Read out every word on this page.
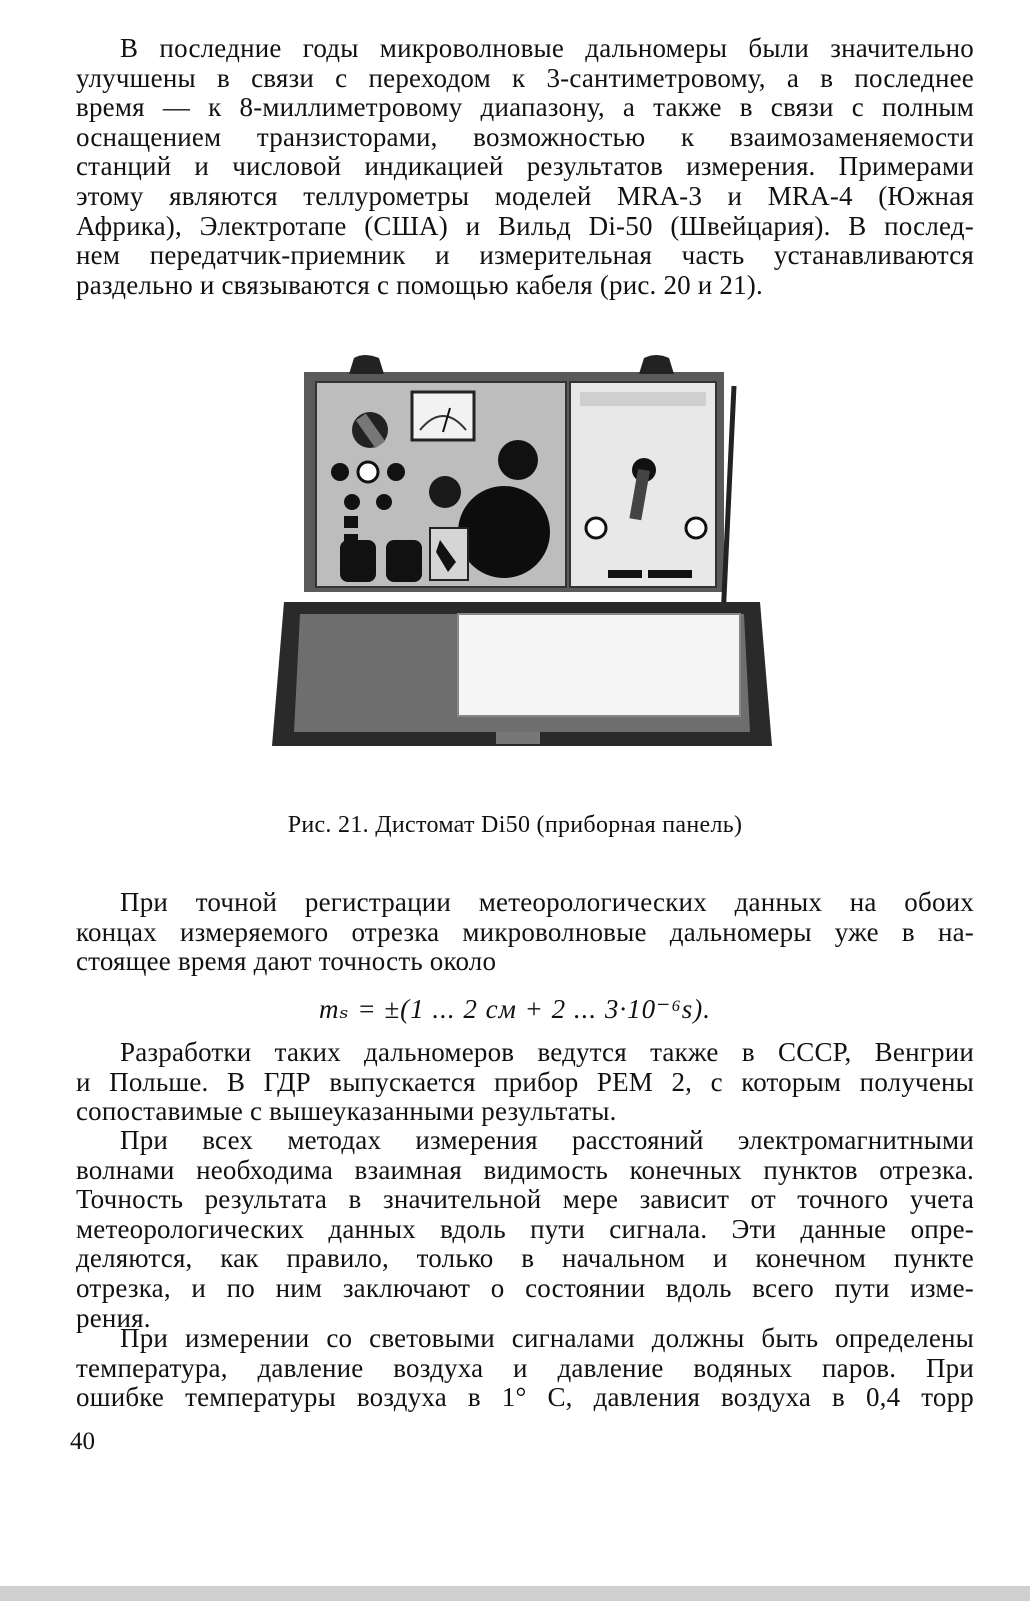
В последние годы микроволновые дальномеры были значительно
улучшены в связи с переходом к 3-сантиметровому, а в последнее
время — к 8-миллиметровому диапазону, а также в связи с полным
оснащением транзисторами, возможностью к взаимозаменяемости
станций и числовой индикацией результатов измерения. Примерами
этому являются теллурометры моделей MRA-3 и MRA-4 (Южная
Африка), Электротапе (США) и Вильд Di-50 (Швейцария). В послед-
нем передатчик-приемник и измерительная часть устанавливаются
раздельно и связываются с помощью кабеля (рис. 20 и 21).

Рис. 21. Дистомат Di50 (приборная панель)

При точной регистрации метеорологических данных на обоих
концах измеряемого отрезка микроволновые дальномеры уже в на-
стоящее время дают точность около

mₛ = ±(1 ... 2 см + 2 ... 3·10⁻⁶s).

Разработки таких дальномеров ведутся также в СССР, Венгрии
и Польше. В ГДР выпускается прибор РЕМ 2, с которым получены
сопоставимые с вышеуказанными результаты.

При всех методах измерения расстояний электромагнитными
волнами необходима взаимная видимость конечных пунктов отрезка.
Точность результата в значительной мере зависит от точного учета
метеорологических данных вдоль пути сигнала. Эти данные опре-
деляются, как правило, только в начальном и конечном пункте
отрезка, и по ним заключают о состоянии вдоль всего пути изме-
рения.

При измерении со световыми сигналами должны быть определены
температура, давление воздуха и давление водяных паров. При
ошибке температуры воздуха в 1° С, давления воздуха в 0,4 торр

40
